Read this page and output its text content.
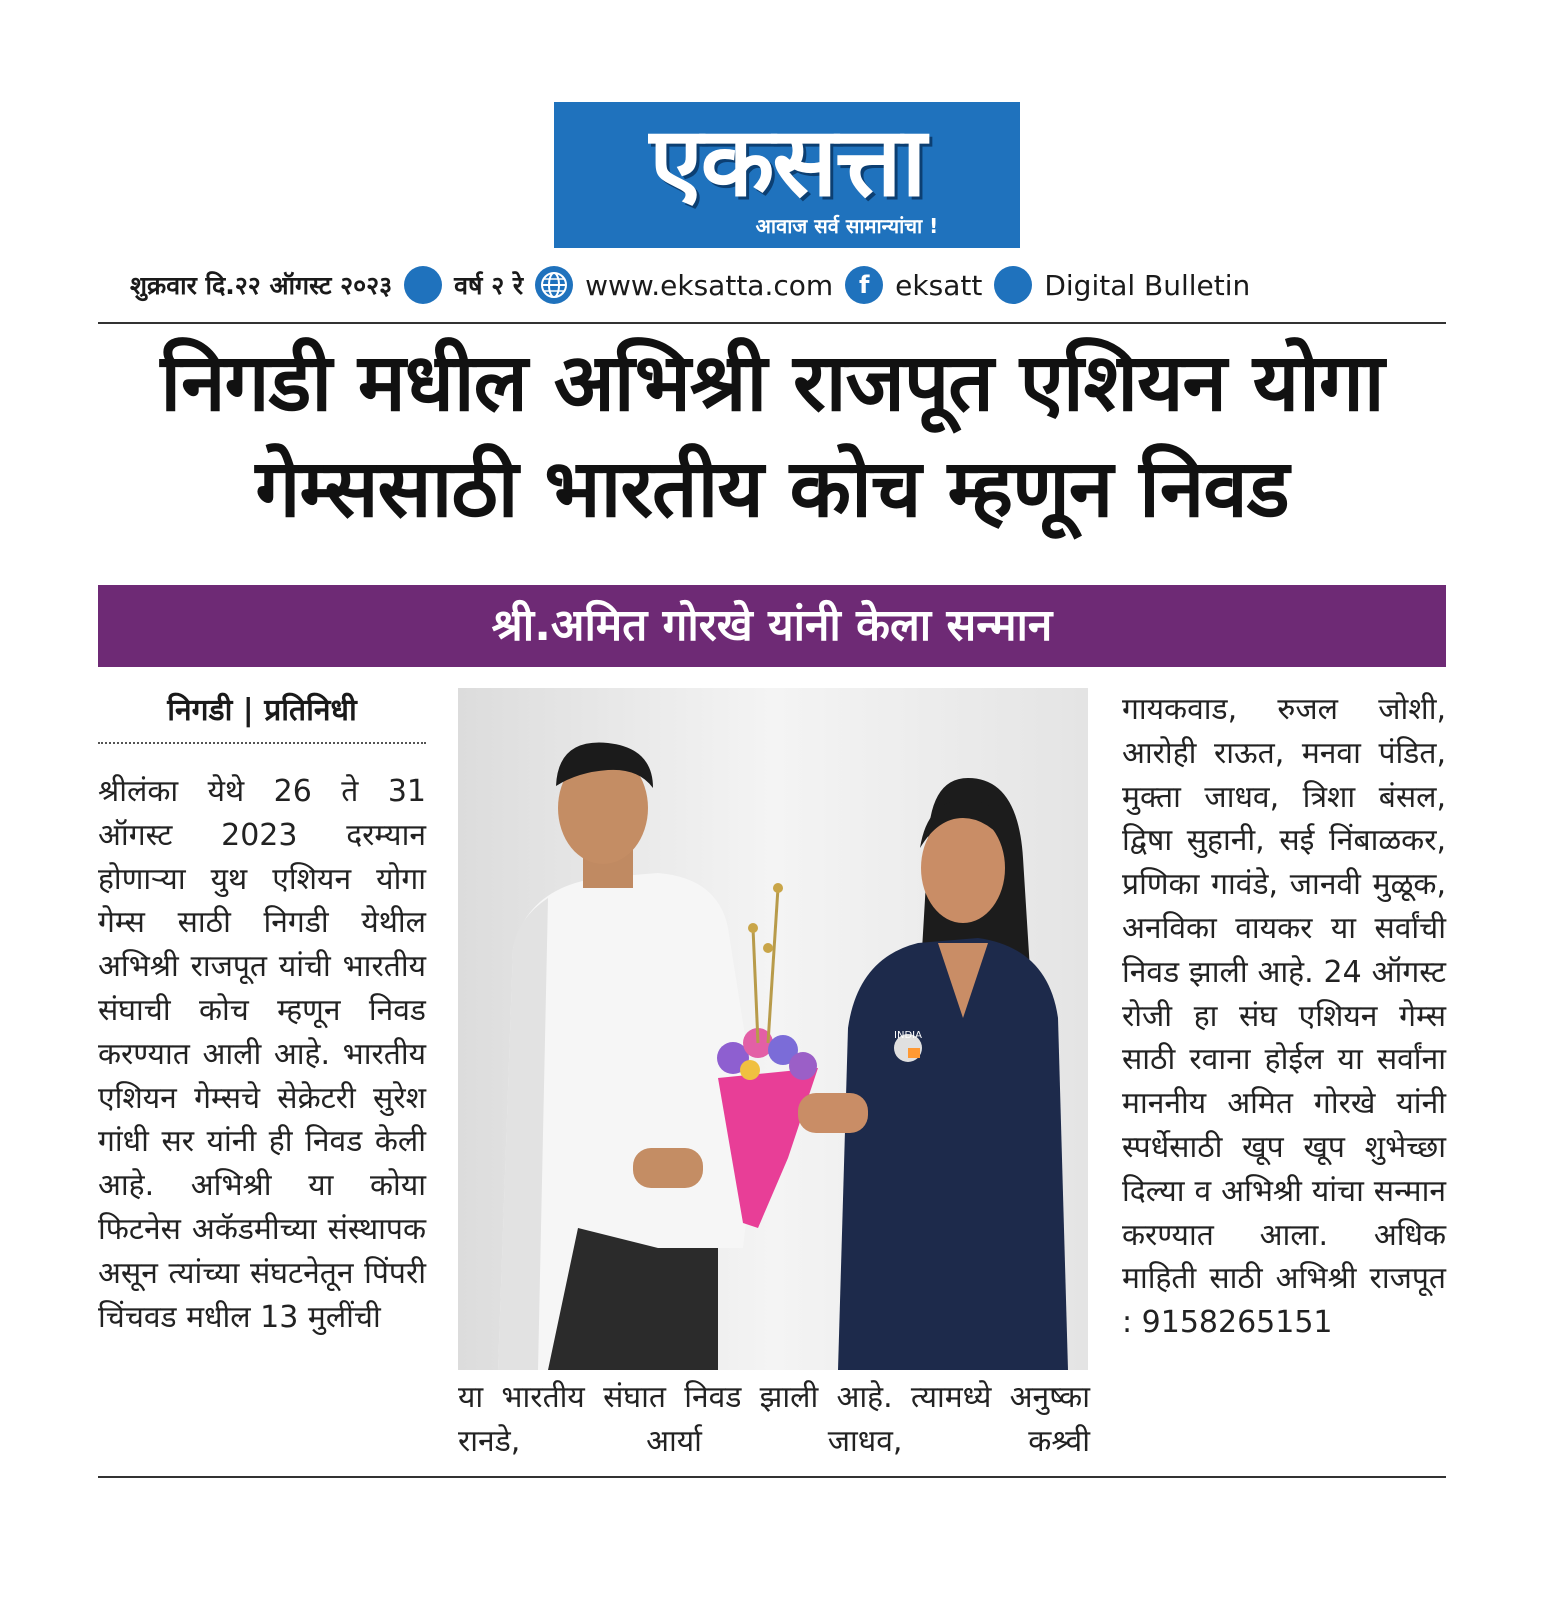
एकसत्ता
आवाज सर्व सामान्यांचा !
शुक्रवार दि.२२ ऑगस्ट २०२३ वर्ष २ रे www.eksatta.com	f eksatt Digital Bulletin
निगडी मधील अभिश्री राजपूत एशियन योगा
गेम्ससाठी भारतीय कोच म्हणून निवड
श्री.अमित गोरखे यांनी केला सन्मान
निगडी | प्रतिनिधी
श्रीलंका येथे 26 ते 31 ऑगस्ट 2023 दरम्यान होणाऱ्या युथ एशियन योगा गेम्स साठी निगडी येथील अभिश्री राजपूत यांची भारतीय संघाची कोच म्हणून निवड करण्यात आली आहे. भारतीय एशियन गेम्सचे सेक्रेटरी सुरेश गांधी सर यांनी ही निवड केली आहे. अभिश्री या कोया फिटनेस अकॅडमीच्या संस्थापक असून त्यांच्या संघटनेतून पिंपरी चिंचवड मधील 13 मुलींची
INDIA
या भारतीय संघात निवड झाली आहे. त्यामध्ये अनुष्का रानडे, आर्या जाधव, कश्र्वी
गायकवाड, रुजल जोशी, आरोही राऊत, मनवा पंडित, मुक्ता जाधव, त्रिशा बंसल, द्विषा सुहानी, सई निंबाळकर, प्रणिका गावंडे, जानवी मुळूक, अनविका वायकर या सर्वांची निवड झाली आहे. 24 ऑगस्ट रोजी हा संघ एशियन गेम्स साठी रवाना होईल या सर्वांना माननीय अमित गोरखे यांनी स्पर्धेसाठी खूप खूप शुभेच्छा दिल्या व अभिश्री यांचा सन्मान करण्यात आला. अधिक माहिती साठी अभिश्री राजपूत : 9158265151
